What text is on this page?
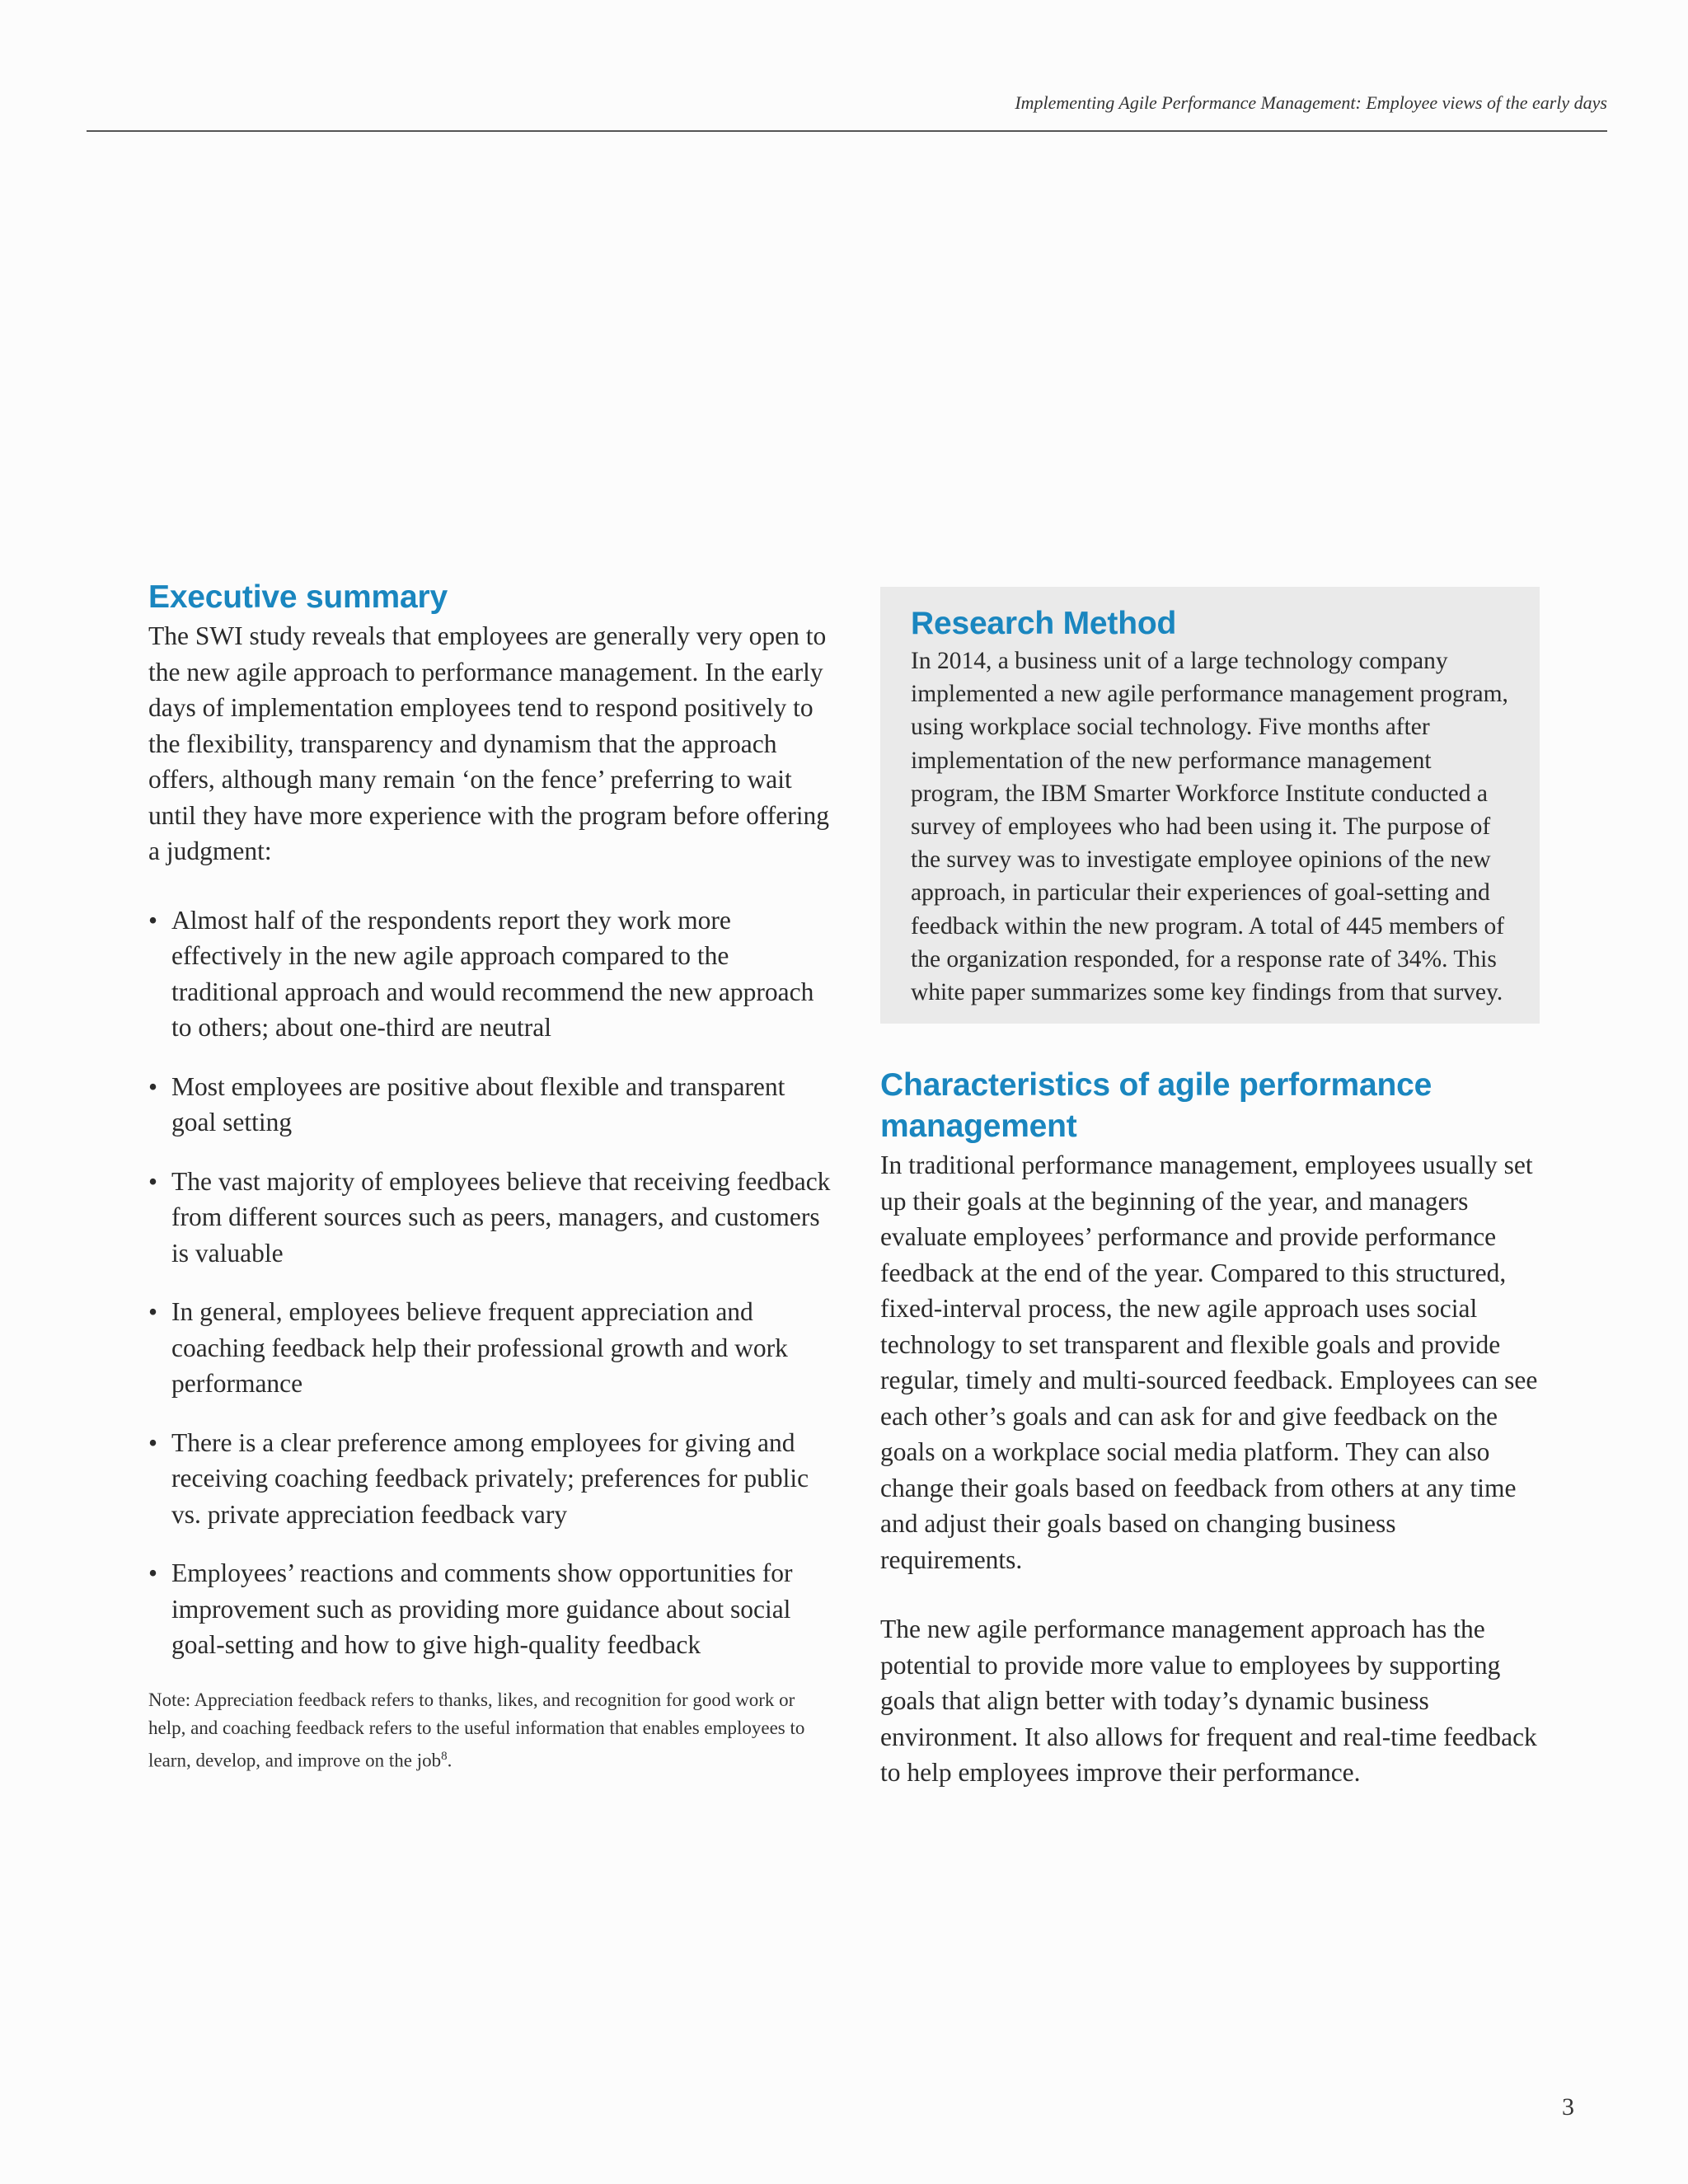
Implementing Agile Performance Management: Employee views of the early days
Executive summary

The SWI study reveals that employees are generally very open to the new agile approach to performance management. In the early days of implementation employees tend to respond positively to the flexibility, transparency and dynamism that the approach offers, although many remain ‘on the fence’ preferring to wait until they have more experience with the program before offering a judgment:

• Almost half of the respondents report they work more effectively in the new agile approach compared to the traditional approach and would recommend the new approach to others; about one-third are neutral
• Most employees are positive about flexible and transparent goal setting
• The vast majority of employees believe that receiving feedback from different sources such as peers, managers, and customers is valuable
• In general, employees believe frequent appreciation and coaching feedback help their professional growth and work performance
• There is a clear preference among employees for giving and receiving coaching feedback privately; preferences for public vs. private appreciation feedback vary
• Employees’ reactions and comments show opportunities for improvement such as providing more guidance about social goal-setting and how to give high-quality feedback

Note: Appreciation feedback refers to thanks, likes, and recognition for good work or help, and coaching feedback refers to the useful information that enables employees to learn, develop, and improve on the job$^8$.

Research Method

In 2014, a business unit of a large technology company implemented a new agile performance management program, using workplace social technology. Five months after implementation of the new performance management program, the IBM Smarter Workforce Institute conducted a survey of employees who had been using it. The purpose of the survey was to investigate employee opinions of the new approach, in particular their experiences of goal-setting and feedback within the new program. A total of 445 members of the organization responded, for a response rate of 34%. This white paper summarizes some key findings from that survey.

Characteristics of agile performance management

In traditional performance management, employees usually set up their goals at the beginning of the year, and managers evaluate employees’ performance and provide performance feedback at the end of the year. Compared to this structured, fixed-interval process, the new agile approach uses social technology to set transparent and flexible goals and provide regular, timely and multi-sourced feedback. Employees can see each other’s goals and can ask for and give feedback on the goals on a workplace social media platform. They can also change their goals based on feedback from others at any time and adjust their goals based on changing business requirements.

The new agile performance management approach has the potential to provide more value to employees by supporting goals that align better with today’s dynamic business environment. It also allows for frequent and real-time feedback to help employees improve their performance.

3
